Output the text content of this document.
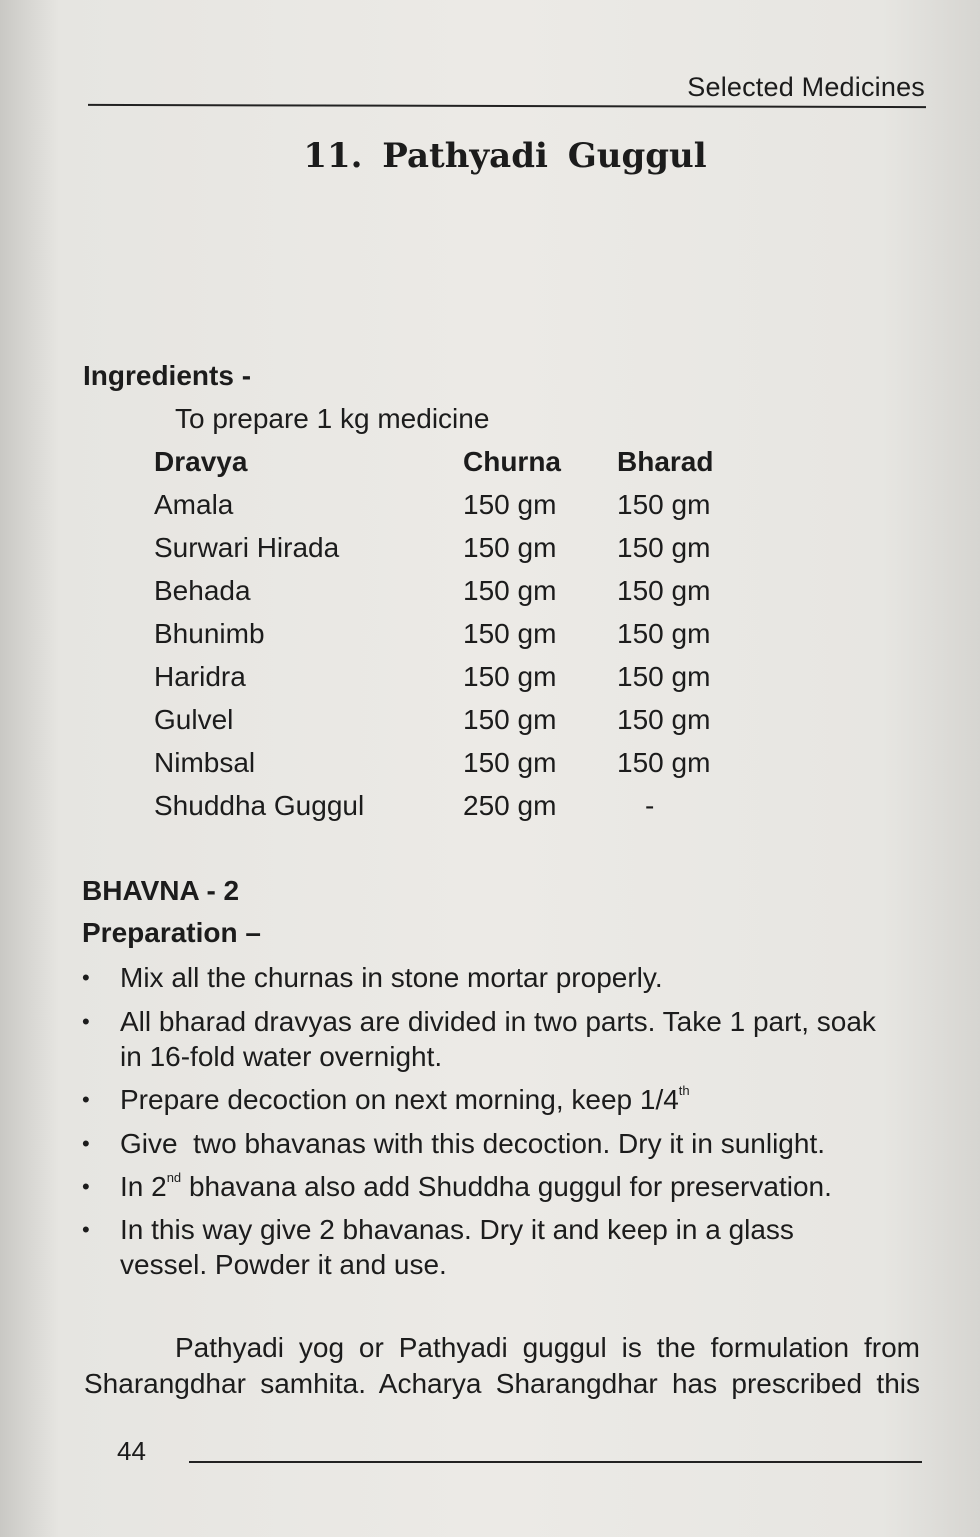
Selected Medicines
11. Pathyadi Guggul
Ingredients -
To prepare 1 kg medicine
Dravya	Churna Bharad
Amala	150 gm 150 gm
Surwari Hirada	150 gm 150 gm
Behada	150 gm 150 gm
Bhunimb	150 gm 150 gm
Haridra	150 gm 150 gm
Gulvel	150 gm 150 gm
Nimbsal	150 gm 150 gm
Shuddha Guggul	250 gm	-
BHAVNA - 2
Preparation –
• Mix all the churnas in stone mortar properly.
• All bharad dravyas are divided in two parts. Take 1 part, soak
in 16-fold water overnight.
• Prepare decoction on next morning, keep 1/4th
• Give  two bhavanas with this decoction. Dry it in sunlight.
• In 2nd bhavana also add Shuddha guggul for preservation.
• In this way give 2 bhavanas. Dry it and keep in a glass
vessel. Powder it and use.
Pathyadi yog or Pathyadi guggul is the formulation from
Sharangdhar samhita. Acharya Sharangdhar has prescribed this
44
